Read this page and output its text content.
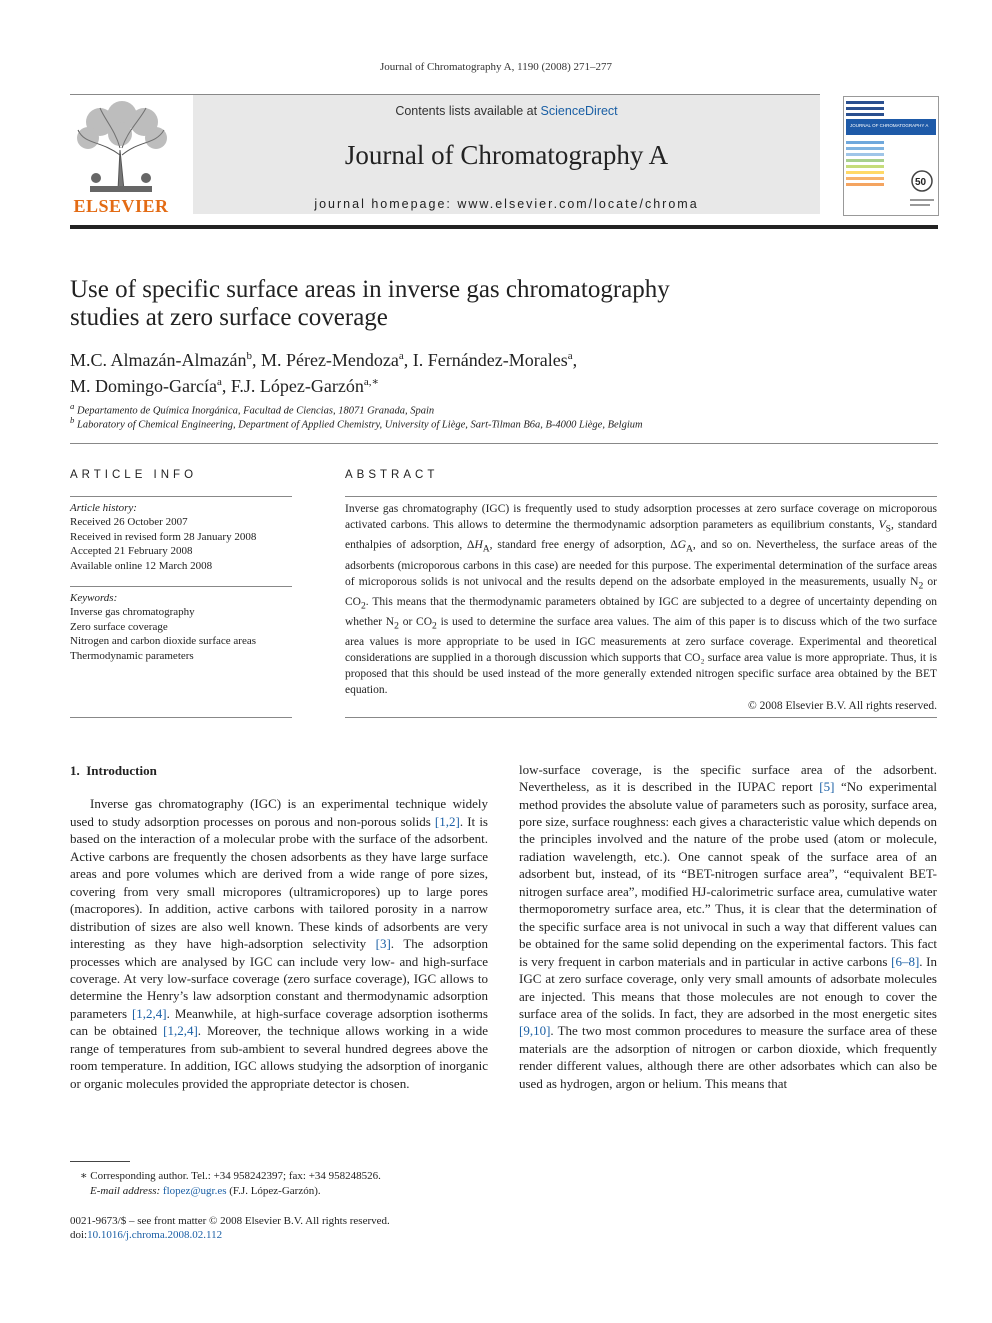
Journal of Chromatography A, 1190 (2008) 271–277
ELSEVIER
Contents lists available at ScienceDirect
Journal of Chromatography A
journal homepage: www.elsevier.com/locate/chroma
JOURNAL OF CHROMATOGRAPHY A
50
Use of specific surface areas in inverse gas chromatography
studies at zero surface coverage
M.C. Almazán-Almazán$^b$, M. Pérez-Mendoza$^a$, I. Fernández-Morales$^a$,
M. Domingo-García$^a$, F.J. López-Garzón$^{a,∗}$
$^a$ Departamento de Química Inorgánica, Facultad de Ciencias, 18071 Granada, Spain
$^b$ Laboratory of Chemical Engineering, Department of Applied Chemistry, University of Liège, Sart-Tilman B6a, B-4000 Liège, Belgium
ARTICLE INFO
Article history:
Received 26 October 2007
Received in revised form 28 January 2008
Accepted 21 February 2008
Available online 12 March 2008
Keywords:
Inverse gas chromatography
Zero surface coverage
Nitrogen and carbon dioxide surface areas
Thermodynamic parameters
ABSTRACT

Inverse gas chromatography (IGC) is frequently used to study adsorption processes at zero surface coverage on microporous activated carbons. This allows to determine the thermodynamic adsorption parameters as equilibrium constants, $V_S$, standard enthalpies of adsorption, $\Delta H_A$, standard free energy of adsorption, $\Delta G_A$, and so on. Nevertheless, the surface areas of the adsorbents (microporous carbons in this case) are needed for this purpose. The experimental determination of the surface areas of microporous solids is not univocal and the results depend on the adsorbate employed in the measurements, usually $N_2$ or $CO_2$. This means that the thermodynamic parameters obtained by IGC are subjected to a degree of uncertainty depending on whether $N_2$ or $CO_2$ is used to determine the surface area values. The aim of this paper is to discuss which of the two surface area values is more appropriate to be used in IGC measurements at zero surface coverage. Experimental and theoretical considerations are supplied in a thorough discussion which supports that CO₂ surface area value is more appropriate. Thus, it is proposed that this should be used instead of the more generally extended nitrogen specific surface area obtained by the BET equation.

© 2008 Elsevier B.V. All rights reserved.

1. Introduction

Inverse gas chromatography (IGC) is an experimental technique widely used to study adsorption processes on porous and non-porous solids [1,2]. It is based on the interaction of a molecular probe with the surface of the adsorbent. Active carbons are frequently the chosen adsorbents as they have large surface areas and pore volumes which are derived from a wide range of pore sizes, covering from very small micropores (ultramicropores) up to large pores (macropores). In addition, active carbons with tailored porosity in a narrow distribution of sizes are also well known. These kinds of adsorbents are very interesting as they have high-adsorption selectivity [3]. The adsorption processes which are analysed by IGC can include very low- and high-surface coverage. At very low-surface coverage (zero surface coverage), IGC allows to determine the Henry’s law adsorption constant and thermodynamic adsorption parameters [1,2,4]. Meanwhile, at high-surface coverage adsorption isotherms can be obtained [1,2,4]. Moreover, the technique allows working in a wide range of temperatures from sub-ambient to several hundred degrees above the room temperature. In addition, IGC allows studying the adsorption of inorganic or organic molecules provided the appropriate detector is chosen.

low-surface coverage, is the specific surface area of the adsorbent. Nevertheless, as it is described in the IUPAC report [5] “No experimental method provides the absolute value of parameters such as porosity, surface area, pore size, surface roughness: each gives a characteristic value which depends on the principles involved and the nature of the probe used (atom or molecule, radiation wavelength, etc.). One cannot speak of the surface area of an adsorbent but, instead, of its “BET-nitrogen surface area”, “equivalent BET-nitrogen surface area”, modified HJ-calorimetric surface area, cumulative water thermoporometry surface area, etc.” Thus, it is clear that the determination of the specific surface area is not univocal in such a way that different values can be obtained for the same solid depending on the experimental factors. This fact is very frequent in carbon materials and in particular in active carbons [6–8]. In IGC at zero surface coverage, only very small amounts of adsorbate molecules are injected. This means that those molecules are not enough to cover the surface area of the solids. In fact, they are adsorbed in the most energetic sites [9,10]. The two most common procedures to measure the surface area of these materials are the adsorption of nitrogen or carbon dioxide, which frequently render different values, although there are other adsorbates which can also be used as hydrogen, argon or helium. This means that

∗ Corresponding author. Tel.: +34 958242397; fax: +34 958248526.
E-mail address: flopez@ugr.es (F.J. López-Garzón).
0021-9673/$ – see front matter © 2008 Elsevier B.V. All rights reserved.
doi:10.1016/j.chroma.2008.02.112
